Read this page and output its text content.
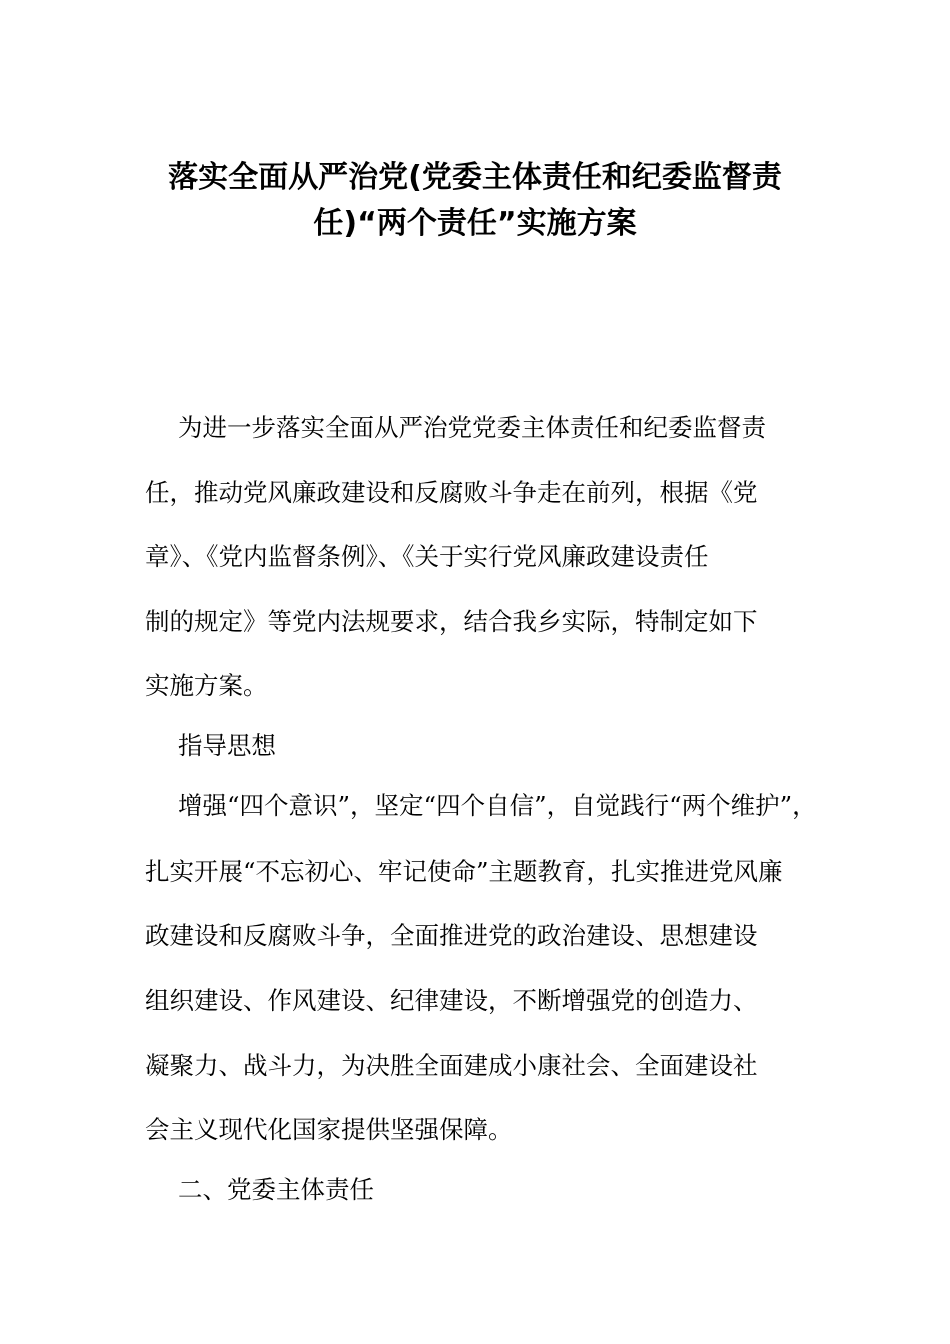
落实全面从严治党(党委主体责任和纪委监督责
任)“两个责任”实施方案
为进一步落实全面从严治党党委主体责任和纪委监督责
任，推动党风廉政建设和反腐败斗争走在前列，根据《党
章》、《党内监督条例》、《关于实行党风廉政建设责任
制的规定》等党内法规要求，结合我乡实际，特制定如下
实施方案。
指导思想
增强“四个意识”，坚定“四个自信”，自觉践行“两个维护”，
扎实开展“不忘初心、牢记使命”主题教育，扎实推进党风廉
政建设和反腐败斗争，全面推进党的政治建设、思想建设
组织建设、作风建设、纪律建设，不断增强党的创造力、
凝聚力、战斗力，为决胜全面建成小康社会、全面建设社
会主义现代化国家提供坚强保障。
二、党委主体责任
